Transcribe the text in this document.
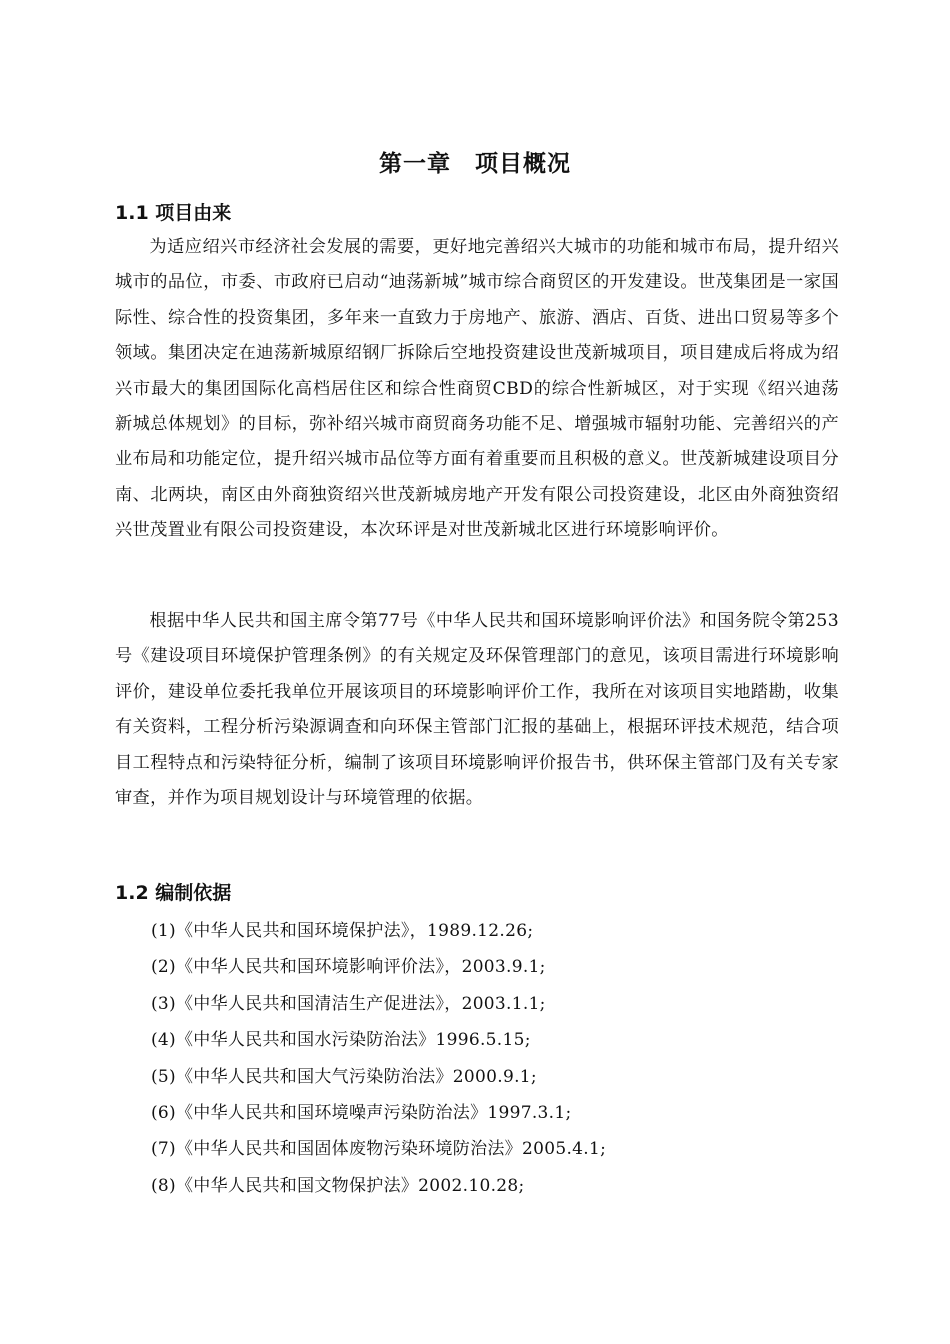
第一章　项目概况
1.1 项目由来

为适应绍兴市经济社会发展的需要，更好地完善绍兴大城市的功能和城市布局，提升绍兴城市的品位，市委、市政府已启动“迪荡新城”城市综合商贸区的开发建设。世茂集团是一家国际性、综合性的投资集团，多年来一直致力于房地产、旅游、酒店、百货、进出口贸易等多个领域。集团决定在迪荡新城原绍钢厂拆除后空地投资建设世茂新城项目，项目建成后将成为绍兴市最大的集团国际化高档居住区和综合性商贸CBD的综合性新城区，对于实现《绍兴迪荡新城总体规划》的目标，弥补绍兴城市商贸商务功能不足、增强城市辐射功能、完善绍兴的产业布局和功能定位，提升绍兴城市品位等方面有着重要而且积极的意义。世茂新城建设项目分南、北两块，南区由外商独资绍兴世茂新城房地产开发有限公司投资建设，北区由外商独资绍兴世茂置业有限公司投资建设，本次环评是对世茂新城北区进行环境影响评价。

根据中华人民共和国主席令第77号《中华人民共和国环境影响评价法》和国务院令第253号《建设项目环境保护管理条例》的有关规定及环保管理部门的意见，该项目需进行环境影响评价，建设单位委托我单位开展该项目的环境影响评价工作，我所在对该项目实地踏勘，收集有关资料，工程分析污染源调查和向环保主管部门汇报的基础上，根据环评技术规范，结合项目工程特点和污染特征分析，编制了该项目环境影响评价报告书，供环保主管部门及有关专家审查，并作为项目规划设计与环境管理的依据。

1.2 编制依据
(1)《中华人民共和国环境保护法》，1989.12.26;
(2)《中华人民共和国环境影响评价法》，2003.9.1;
(3)《中华人民共和国清洁生产促进法》，2003.1.1;
(4)《中华人民共和国水污染防治法》1996.5.15;
(5)《中华人民共和国大气污染防治法》2000.9.1;
(6)《中华人民共和国环境噪声污染防治法》1997.3.1;
(7)《中华人民共和国固体废物污染环境防治法》2005.4.1;
(8)《中华人民共和国文物保护法》2002.10.28;
